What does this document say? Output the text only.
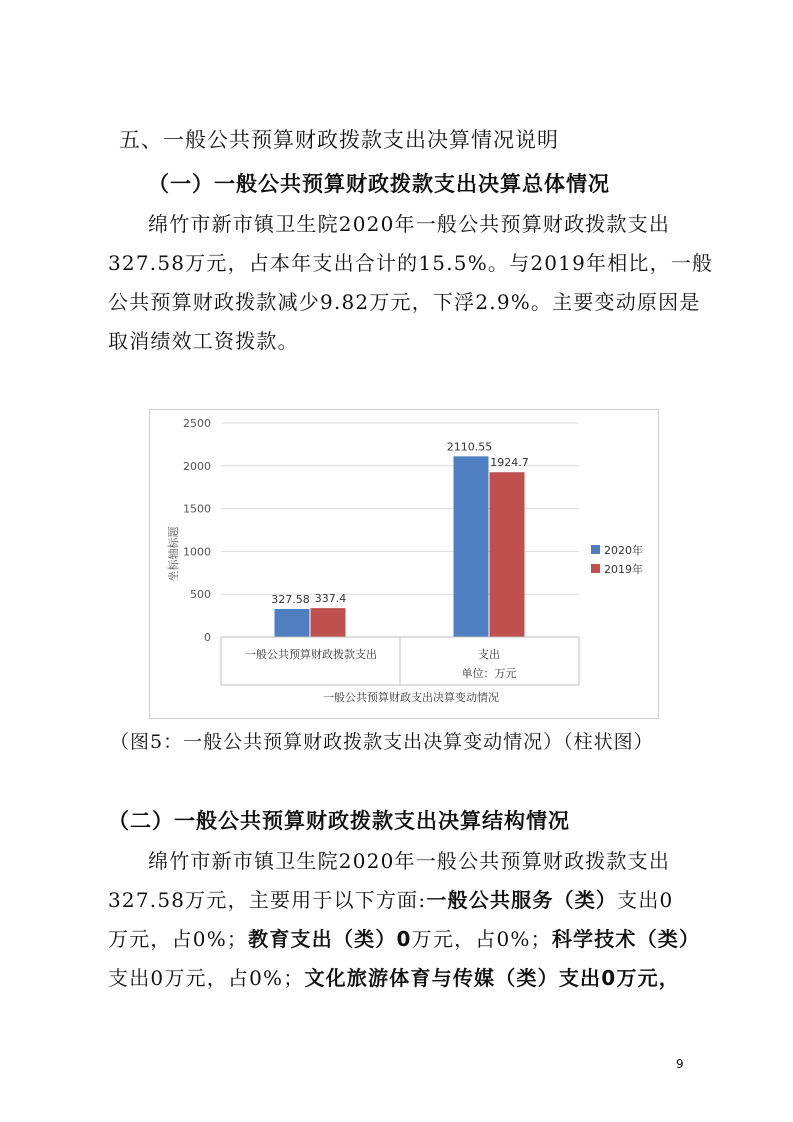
五、一般公共预算财政拨款支出决算情况说明
（一）一般公共预算财政拨款支出决算总体情况
绵竹市新市镇卫生院2020年一般公共预算财政拨款支出
327.58万元，占本年支出合计的15.5%。与2019年相比，一般
公共预算财政拨款减少9.82万元，下浮2.9%。主要变动原因是
取消绩效工资拨款。
0
500
1000
1500
2000
2500
327.58 337.4
2110.55
1924.7
坐标轴标题
一般公共预算财政拨款支出	支出
单位：万元
一般公共预算财政支出决算变动情况
2020年
2019年
（图5：一般公共预算财政拨款支出决算变动情况）（柱状图）
（二）一般公共预算财政拨款支出决算结构情况
绵竹市新市镇卫生院2020年一般公共预算财政拨款支出
327.58万元，主要用于以下方面:一般公共服务（类）支出0
万元，占0%；教育支出（类）0万元，占0%；科学技术（类）
支出0万元，占0%；文化旅游体育与传媒（类）支出0万元，
9
